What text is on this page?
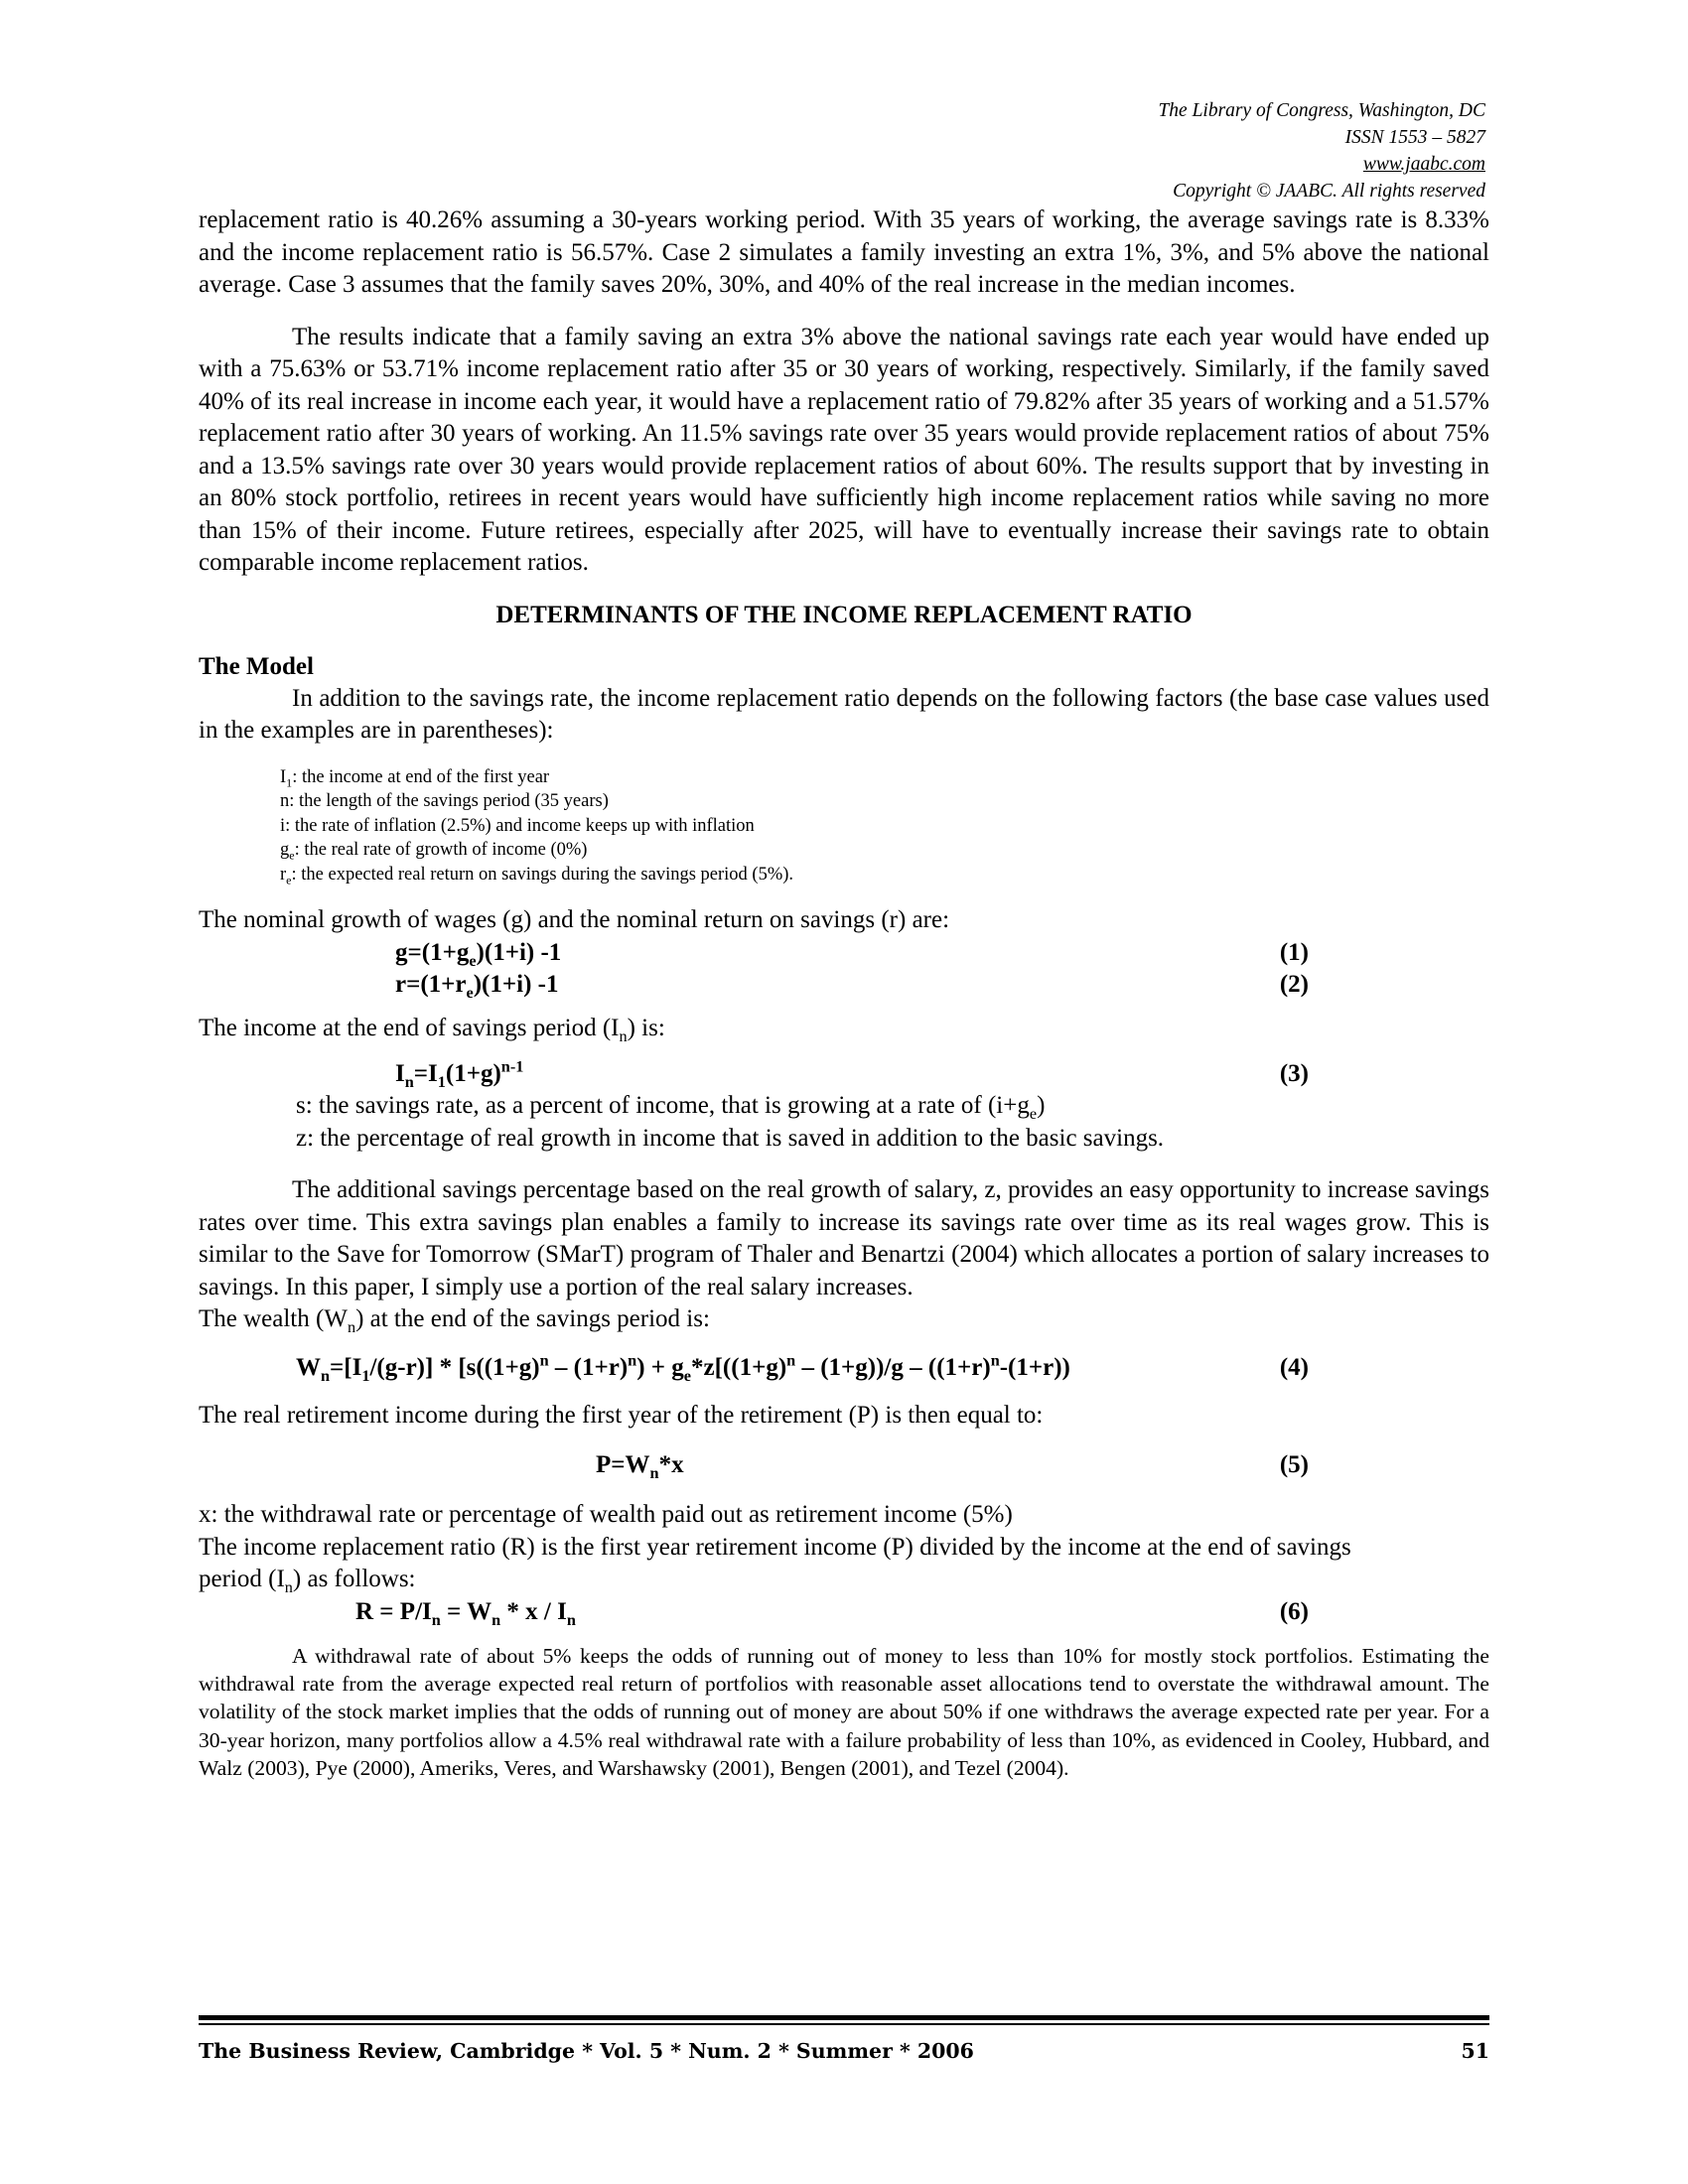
The Library of Congress, Washington, DC
ISSN 1553 – 5827
www.jaabc.com
Copyright © JAABC. All rights reserved

replacement ratio is 40.26% assuming a 30-years working period. With 35 years of working, the average savings rate is 8.33% and the income replacement ratio is 56.57%. Case 2 simulates a family investing an extra 1%, 3%, and 5% above the national average. Case 3 assumes that the family saves 20%, 30%, and 40% of the real increase in the median incomes.

The results indicate that a family saving an extra 3% above the national savings rate each year would have ended up with a 75.63% or 53.71% income replacement ratio after 35 or 30 years of working, respectively. Similarly, if the family saved 40% of its real increase in income each year, it would have a replacement ratio of 79.82% after 35 years of working and a 51.57% replacement ratio after 30 years of working. An 11.5% savings rate over 35 years would provide replacement ratios of about 75% and a 13.5% savings rate over 30 years would provide replacement ratios of about 60%. The results support that by investing in an 80% stock portfolio, retirees in recent years would have sufficiently high income replacement ratios while saving no more than 15% of their income. Future retirees, especially after 2025, will have to eventually increase their savings rate to obtain comparable income replacement ratios.

DETERMINANTS OF THE INCOME REPLACEMENT RATIO
The Model

In addition to the savings rate, the income replacement ratio depends on the following factors (the base case values used in the examples are in parentheses):

$I_1$: the income at end of the first year
n: the length of the savings period (35 years)
i: the rate of inflation (2.5%) and income keeps up with inflation
$g_e$: the real rate of growth of income (0%)
$r_e$: the expected real return on savings during the savings period (5%).

The nominal growth of wages (g) and the nominal return on savings (r) are:

$g=(1+g_e)(1+i)$ -1	(1)
$r=(1+r_e)(1+i)$ -1	(2)

The income at the end of savings period $(I_n)$ is:

$I_n=I_1(1+g)^{n-1}$	(3)
s: the savings rate, as a percent of income, that is growing at a rate of $(i+g_e)$
z: the percentage of real growth in income that is saved in addition to the basic savings.

The additional savings percentage based on the real growth of salary, z, provides an easy opportunity to increase savings rates over time. This extra savings plan enables a family to increase its savings rate over time as its real wages grow. This is similar to the Save for Tomorrow (SMarT) program of Thaler and Benartzi (2004) which allocates a portion of salary increases to savings. In this paper, I simply use a portion of the real salary increases.

The wealth $(W_n)$ at the end of the savings period is:

$W_n=[I_1/(g-r)] * [s((1+g)^n - (1+r)^n) + g_e*z[((1+g)^n - (1+g))/g - ((1+r)^n-(1+r))$	(4)

The real retirement income during the first year of the retirement (P) is then equal to:

$P=W_n*x$	(5)

x: the withdrawal rate or percentage of wealth paid out as retirement income (5%)

The income replacement ratio (R) is the first year retirement income (P) divided by the income at the end of savings

period $(I_n)$ as follows:

$R = P/I_n = W_n * x / I_n$	(6)

A withdrawal rate of about 5% keeps the odds of running out of money to less than 10% for mostly stock portfolios. Estimating the withdrawal rate from the average expected real return of portfolios with reasonable asset allocations tend to overstate the withdrawal amount. The volatility of the stock market implies that the odds of running out of money are about 50% if one withdraws the average expected rate per year. For a 30-year horizon, many portfolios allow a 4.5% real withdrawal rate with a failure probability of less than 10%, as evidenced in Cooley, Hubbard, and Walz (2003), Pye (2000), Ameriks, Veres, and Warshawsky (2001), Bengen (2001), and Tezel (2004).

The Business Review, Cambridge * Vol. 5 * Num. 2 * Summer * 2006	51
